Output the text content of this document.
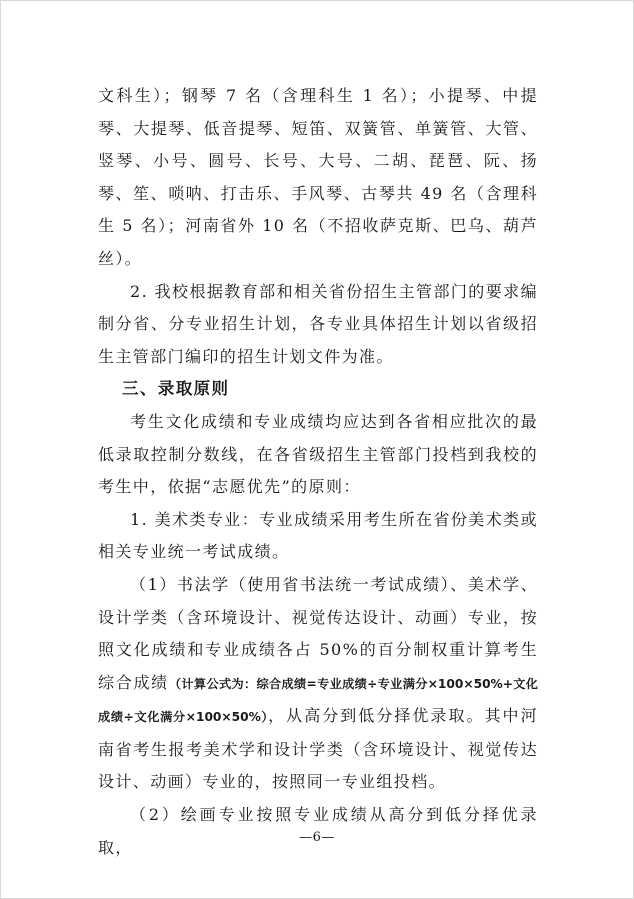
文科生）；钢琴 7 名（含理科生 1 名）；小提琴、中提琴、大提琴、低音提琴、短笛、双簧管、单簧管、大管、竖琴、小号、圆号、长号、大号、二胡、琵琶、阮、扬琴、笙、唢呐、打击乐、手风琴、古琴共 49 名（含理科生 5 名）；河南省外 10 名（不招收萨克斯、巴乌、葫芦丝）。

2. 我校根据教育部和相关省份招生主管部门的要求编制分省、分专业招生计划，各专业具体招生计划以省级招生主管部门编印的招生计划文件为准。

三、录取原则

考生文化成绩和专业成绩均应达到各省相应批次的最低录取控制分数线，在各省级招生主管部门投档到我校的考生中，依据“志愿优先”的原则：

1. 美术类专业：专业成绩采用考生所在省份美术类或相关专业统一考试成绩。

（1）书法学（使用省书法统一考试成绩）、美术学、设计学类（含环境设计、视觉传达设计、动画）专业，按照文化成绩和专业成绩各占 50%的百分制权重计算考生综合成绩（计算公式为：综合成绩=专业成绩÷专业满分×100×50%+文化成绩÷文化满分×100×50%），从高分到低分择优录取。其中河南省考生报考美术学和设计学类（含环境设计、视觉传达设计、动画）专业的，按照同一专业组投档。

（2）绘画专业按照专业成绩从高分到低分择优录取，

—6—
